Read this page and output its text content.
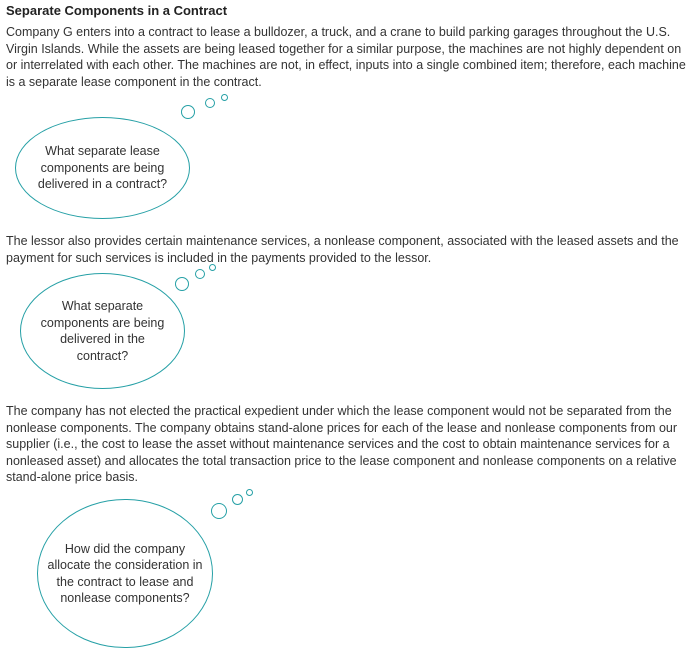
Separate Components in a Contract

Company G enters into a contract to lease a bulldozer, a truck, and a crane to build parking garages throughout the U.S. Virgin Islands. While the assets are being leased together for a similar purpose, the machines are not highly dependent on or interrelated with each other. The machines are not, in effect, inputs into a single combined item; therefore, each machine is a separate lease component in the contract.

What separate lease components are being delivered in a contract?

The lessor also provides certain maintenance services, a nonlease component, associated with the leased assets and the payment for such services is included in the payments provided to the lessor.

What separate components are being delivered in the contract?

The company has not elected the practical expedient under which the lease component would not be separated from the nonlease components. The company obtains stand-alone prices for each of the lease and nonlease components from our supplier (i.e., the cost to lease the asset without maintenance services and the cost to obtain maintenance services for a nonleased asset) and allocates the total transaction price to the lease component and nonlease components on a relative stand-alone price basis.

How did the company allocate the consideration in the contract to lease and nonlease components?
